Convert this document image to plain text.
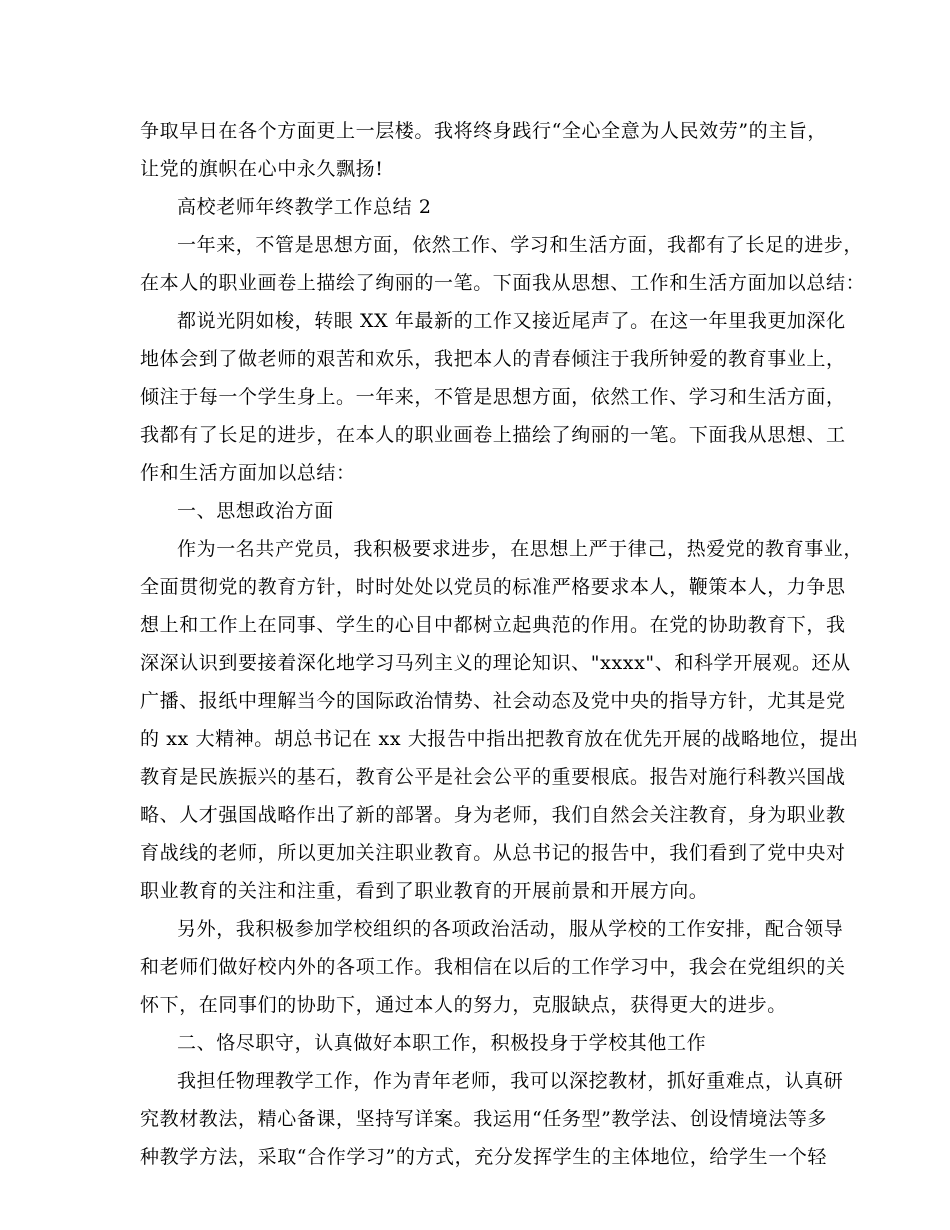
争取早日在各个方面更上一层楼。我将终身践行“全心全意为人民效劳”的主旨，
让党的旗帜在心中永久飘扬!
高校老师年终教学工作总结 2
一年来，不管是思想方面，依然工作、学习和生活方面，我都有了长足的进步，
在本人的职业画卷上描绘了绚丽的一笔。下面我从思想、工作和生活方面加以总结：
都说光阴如梭，转眼 XX 年最新的工作又接近尾声了。在这一年里我更加深化
地体会到了做老师的艰苦和欢乐，我把本人的青春倾注于我所钟爱的教育事业上，
倾注于每一个学生身上。一年来，不管是思想方面，依然工作、学习和生活方面，
我都有了长足的进步，在本人的职业画卷上描绘了绚丽的一笔。下面我从思想、工
作和生活方面加以总结：
一、思想政治方面
作为一名共产党员，我积极要求进步，在思想上严于律己，热爱党的教育事业，
全面贯彻党的教育方针，时时处处以党员的标准严格要求本人，鞭策本人，力争思
想上和工作上在同事、学生的心目中都树立起典范的作用。在党的协助教育下，我
深深认识到要接着深化地学习马列主义的理论知识、"xxxx"、和科学开展观。还从
广播、报纸中理解当今的国际政治情势、社会动态及党中央的指导方针，尤其是党
的 xx 大精神。胡总书记在 xx 大报告中指出把教育放在优先开展的战略地位，提出
教育是民族振兴的基石，教育公平是社会公平的重要根底。报告对施行科教兴国战
略、人才强国战略作出了新的部署。身为老师，我们自然会关注教育，身为职业教
育战线的老师，所以更加关注职业教育。从总书记的报告中，我们看到了党中央对
职业教育的关注和注重，看到了职业教育的开展前景和开展方向。
另外，我积极参加学校组织的各项政治活动，服从学校的工作安排，配合领导
和老师们做好校内外的各项工作。我相信在以后的工作学习中，我会在党组织的关
怀下，在同事们的协助下，通过本人的努力，克服缺点，获得更大的进步。
二、恪尽职守，认真做好本职工作，积极投身于学校其他工作
我担任物理教学工作，作为青年老师，我可以深挖教材，抓好重难点，认真研
究教材教法，精心备课，坚持写详案。我运用“任务型”教学法、创设情境法等多
种教学方法，采取“合作学习”的方式，充分发挥学生的主体地位，给学生一个轻
